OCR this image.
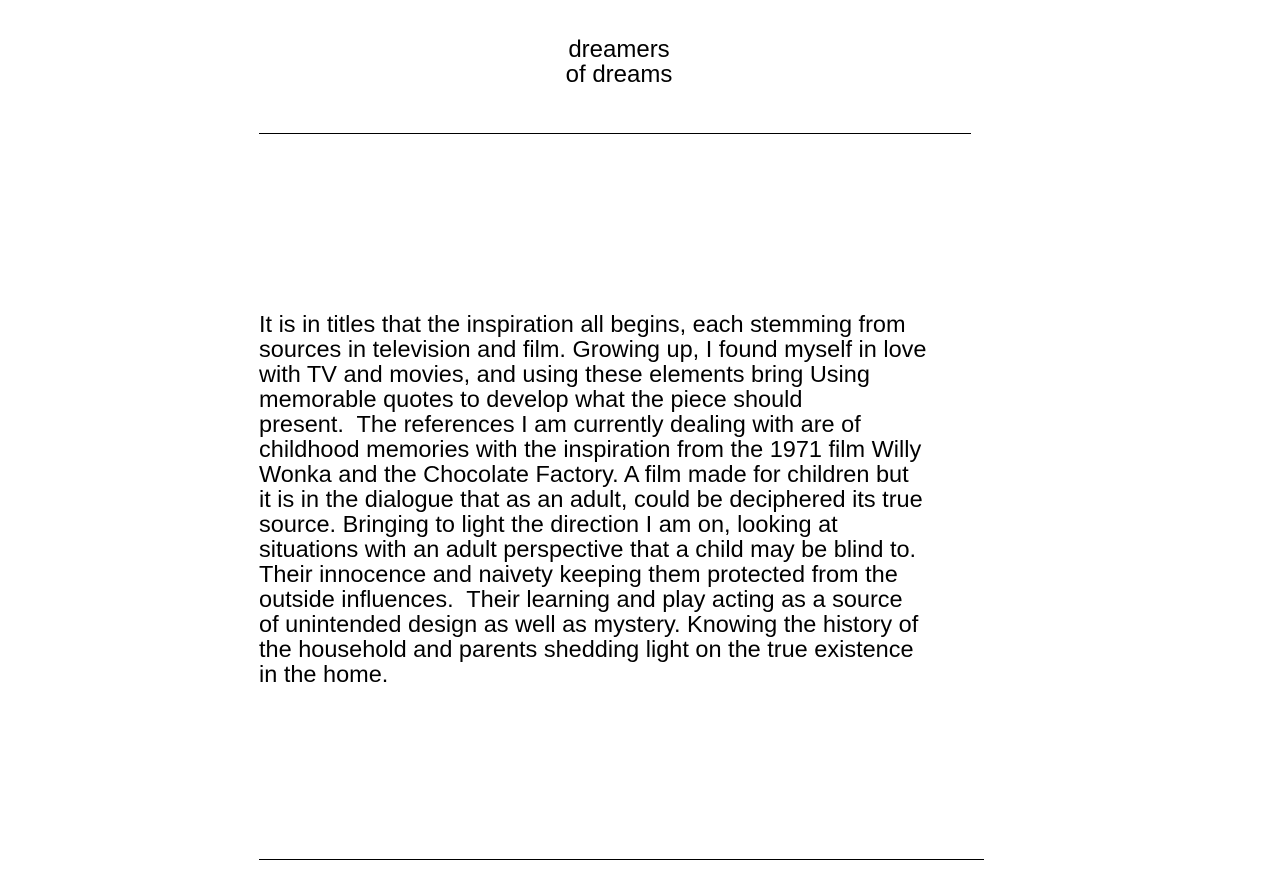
dreamers
of dreams
It is in titles that the inspiration all begins, each stemming from
sources in television and film. Growing up, I found myself in love
with TV and movies, and using these elements bring Using
memorable quotes to develop what the piece should
present.  The references I am currently dealing with are of
childhood memories with the inspiration from the 1971 film Willy
Wonka and the Chocolate Factory. A film made for children but
it is in the dialogue that as an adult, could be deciphered its true
source. Bringing to light the direction I am on, looking at
situations with an adult perspective that a child may be blind to.
Their innocence and naivety keeping them protected from the
outside influences.  Their learning and play acting as a source
of unintended design as well as mystery. Knowing the history of
the household and parents shedding light on the true existence
in the home.
